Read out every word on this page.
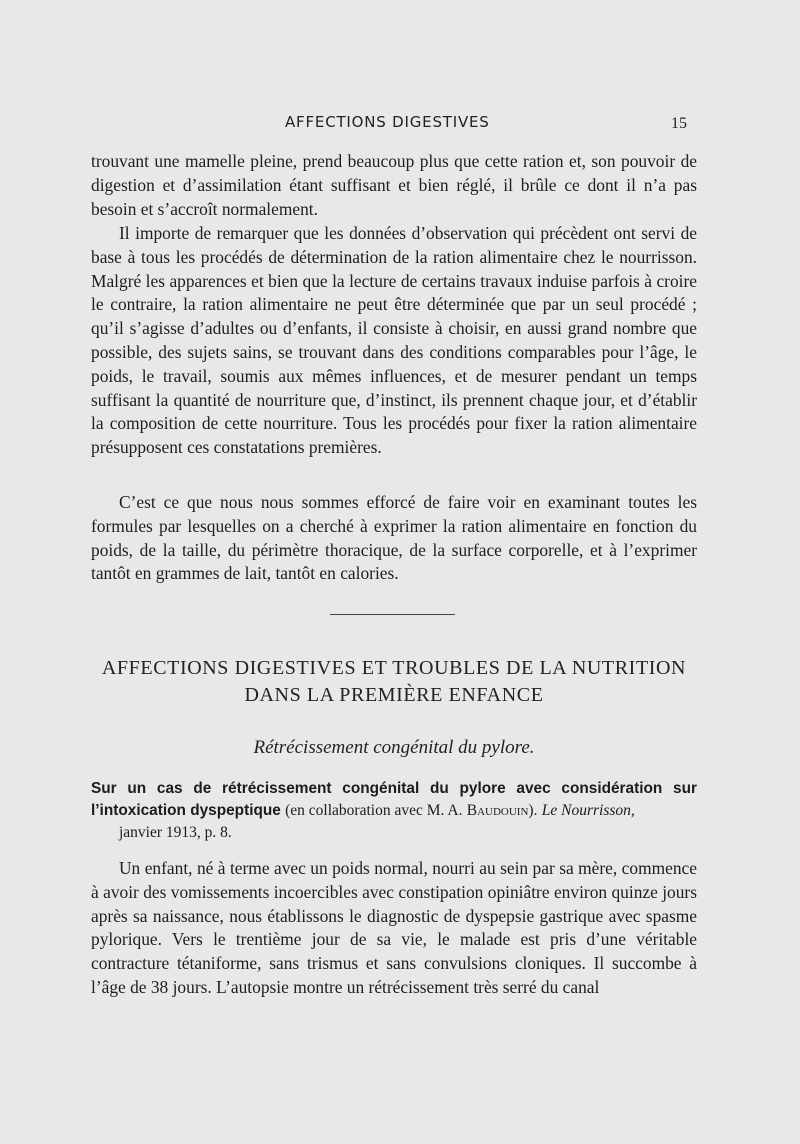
AFFECTIONS DIGESTIVES	15

trouvant une mamelle pleine, prend beaucoup plus que cette ration et, son pouvoir de digestion et d’assimilation étant suffisant et bien réglé, il brûle ce dont il n’a pas besoin et s’accroît normalement.

Il importe de remarquer que les données d’observation qui précèdent ont servi de base à tous les procédés de détermination de la ration alimentaire chez le nourrisson. Malgré les apparences et bien que la lecture de certains travaux induise parfois à croire le contraire, la ration alimentaire ne peut être déterminée que par un seul procédé ; qu’il s’agisse d’adultes ou d’enfants, il consiste à choisir, en aussi grand nombre que possible, des sujets sains, se trouvant dans des conditions comparables pour l’âge, le poids, le travail, soumis aux mêmes influences, et de mesurer pendant un temps suffisant la quantité de nourriture que, d’instinct, ils prennent chaque jour, et d’établir la composition de cette nourriture. Tous les procédés pour fixer la ration alimentaire présupposent ces constatations premières.

C’est ce que nous nous sommes efforcé de faire voir en examinant toutes les formules par lesquelles on a cherché à exprimer la ration alimentaire en fonction du poids, de la taille, du périmètre thoracique, de la surface corporelle, et à l’exprimer tantôt en grammes de lait, tantôt en calories.

AFFECTIONS DIGESTIVES ET TROUBLES DE LA NUTRITION
DANS LA PREMIÈRE ENFANCE
Rétrécissement congénital du pylore.
Sur un cas de rétrécissement congénital du pylore avec considération sur l’intoxication dyspeptique (en collaboration avec M. A. Baudouin). Le Nourrisson,
janvier 1913, p. 8.

Un enfant, né à terme avec un poids normal, nourri au sein par sa mère, commence à avoir des vomissements incoercibles avec constipation opiniâtre environ quinze jours après sa naissance, nous établissons le diagnostic de dyspepsie gastrique avec spasme pylorique. Vers le trentième jour de sa vie, le malade est pris d’une véritable contracture tétaniforme, sans trismus et sans convulsions cloniques. Il succombe à l’âge de 38 jours. L’autopsie montre un rétrécissement très serré du canal
